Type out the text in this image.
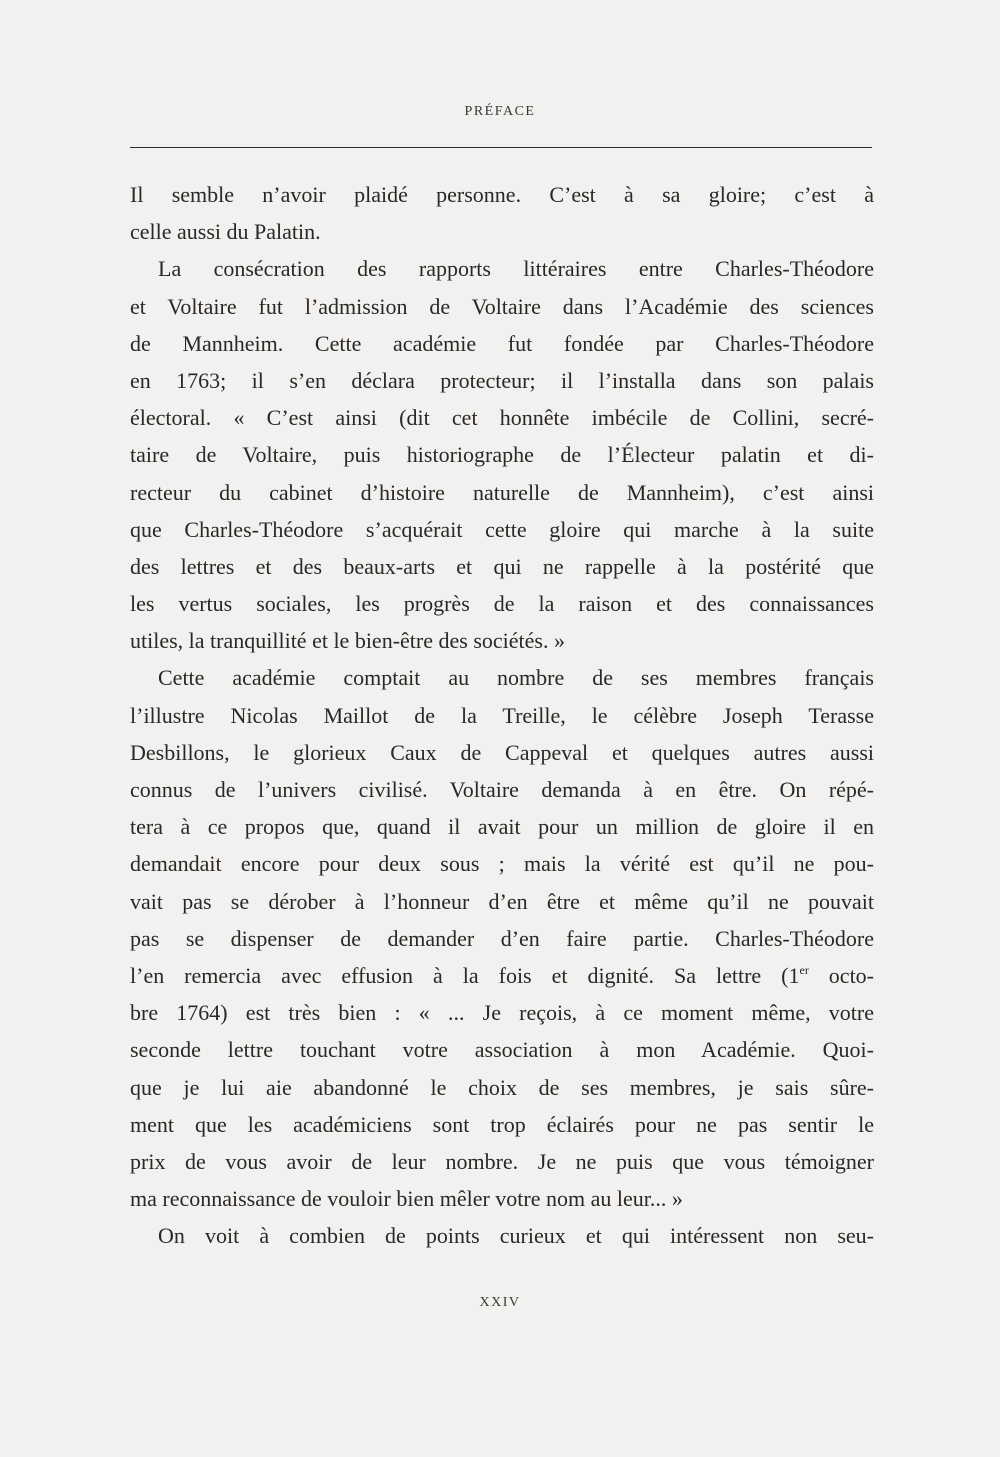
PRÉFACE
Il semble n’avoir plaidé personne. C’est à sa gloire; c’est à
celle aussi du Palatin.
La consécration des rapports littéraires entre Charles-Théodore
et Voltaire fut l’admission de Voltaire dans l’Académie des sciences
de Mannheim. Cette académie fut fondée par Charles-Théodore
en 1763; il s’en déclara protecteur; il l’installa dans son palais
électoral. « C’est ainsi (dit cet honnête imbécile de Collini, secré-
taire de Voltaire, puis historiographe de l’Électeur palatin et di-
recteur du cabinet d’histoire naturelle de Mannheim), c’est ainsi
que Charles-Théodore s’acquérait cette gloire qui marche à la suite
des lettres et des beaux-arts et qui ne rappelle à la postérité que
les vertus sociales, les progrès de la raison et des connaissances
utiles, la tranquillité et le bien-être des sociétés. »
Cette académie comptait au nombre de ses membres français
l’illustre Nicolas Maillot de la Treille, le célèbre Joseph Terasse
Desbillons, le glorieux Caux de Cappeval et quelques autres aussi
connus de l’univers civilisé. Voltaire demanda à en être. On répé-
tera à ce propos que, quand il avait pour un million de gloire il en
demandait encore pour deux sous ; mais la vérité est qu’il ne pou-
vait pas se dérober à l’honneur d’en être et même qu’il ne pouvait
pas se dispenser de demander d’en faire partie. Charles-Théodore
l’en remercia avec effusion à la fois et dignité. Sa lettre (1er octo-
bre 1764) est très bien : « ... Je reçois, à ce moment même, votre
seconde lettre touchant votre association à mon Académie. Quoi-
que je lui aie abandonné le choix de ses membres, je sais sûre-
ment que les académiciens sont trop éclairés pour ne pas sentir le
prix de vous avoir de leur nombre. Je ne puis que vous témoigner
ma reconnaissance de vouloir bien mêler votre nom au leur... »
On voit à combien de points curieux et qui intéressent non seu-
XXIV
